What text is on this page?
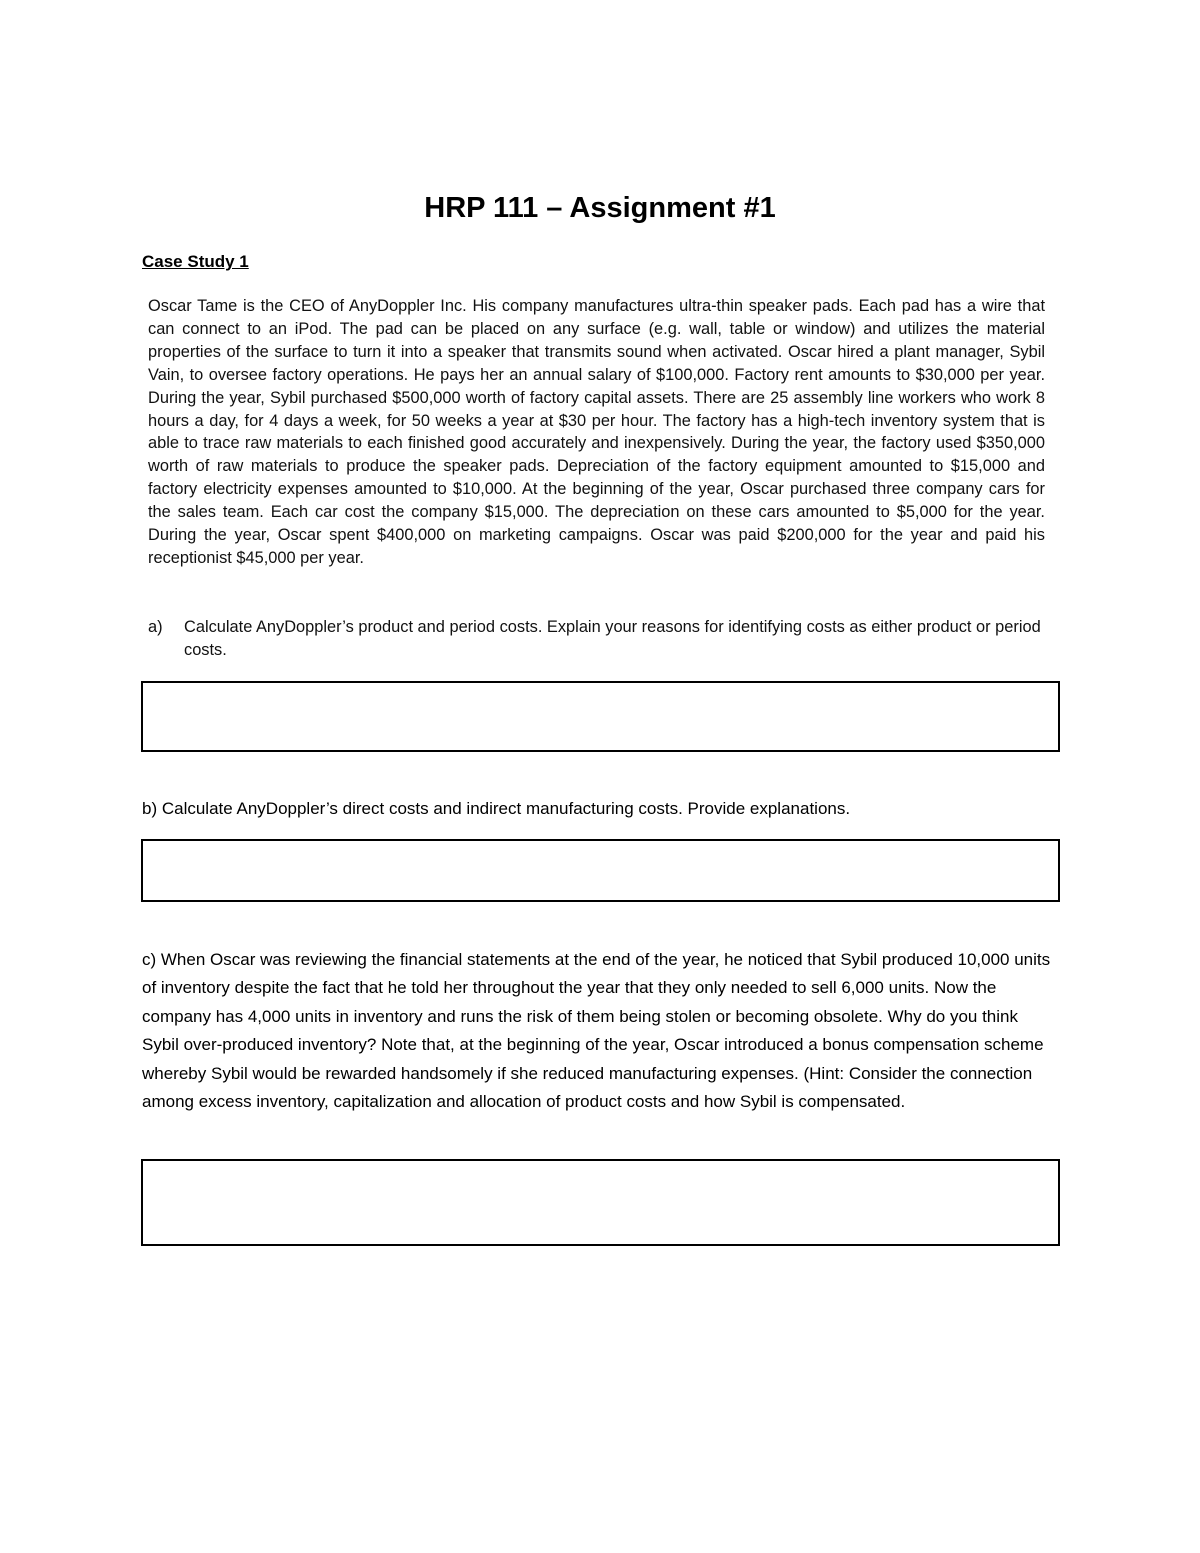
HRP 111 – Assignment #1
Case Study 1
Oscar Tame is the CEO of AnyDoppler Inc. His company manufactures ultra-thin speaker pads. Each pad has a wire that can connect to an iPod. The pad can be placed on any surface (e.g. wall, table or window) and utilizes the material properties of the surface to turn it into a speaker that transmits sound when activated. Oscar hired a plant manager, Sybil Vain, to oversee factory operations. He pays her an annual salary of $100,000. Factory rent amounts to $30,000 per year. During the year, Sybil purchased $500,000 worth of factory capital assets. There are 25 assembly line workers who work 8 hours a day, for 4 days a week, for 50 weeks a year at $30 per hour. The factory has a high-tech inventory system that is able to trace raw materials to each finished good accurately and inexpensively. During the year, the factory used $350,000 worth of raw materials to produce the speaker pads. Depreciation of the factory equipment amounted to $15,000 and factory electricity expenses amounted to $10,000. At the beginning of the year, Oscar purchased three company cars for the sales team. Each car cost the company $15,000. The depreciation on these cars amounted to $5,000 for the year. During the year, Oscar spent $400,000 on marketing campaigns. Oscar was paid $200,000 for the year and paid his receptionist $45,000 per year.
a) Calculate AnyDoppler’s product and period costs. Explain your reasons for identifying costs as either product or period costs.
b) Calculate AnyDoppler’s direct costs and indirect manufacturing costs. Provide explanations.
c) When Oscar was reviewing the financial statements at the end of the year, he noticed that Sybil produced 10,000 units of inventory despite the fact that he told her throughout the year that they only needed to sell 6,000 units. Now the company has 4,000 units in inventory and runs the risk of them being stolen or becoming obsolete. Why do you think Sybil over-produced inventory? Note that, at the beginning of the year, Oscar introduced a bonus compensation scheme whereby Sybil would be rewarded handsomely if she reduced manufacturing expenses. (Hint: Consider the connection among excess inventory, capitalization and allocation of product costs and how Sybil is compensated.
